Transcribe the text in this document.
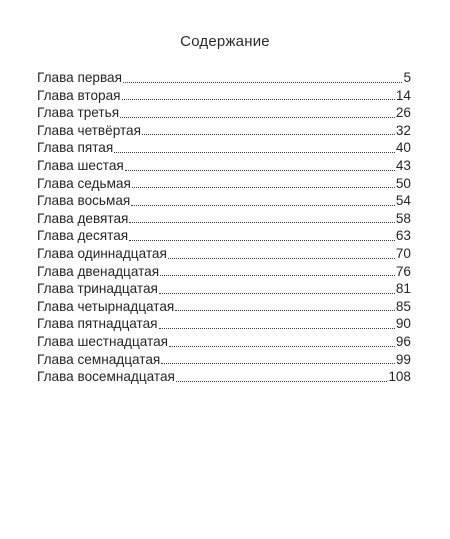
Содержание
Глава первая	5
Глава вторая	14
Глава третья	26
Глава четвёртая	32
Глава пятая	40
Глава шестая	43
Глава седьмая	50
Глава восьмая	54
Глава девятая	58
Глава десятая	63
Глава одиннадцатая	70
Глава двенадцатая	76
Глава тринадцатая	81
Глава четырнадцатая	85
Глава пятнадцатая	90
Глава шестнадцатая	96
Глава семнадцатая	99
Глава восемнадцатая	108
